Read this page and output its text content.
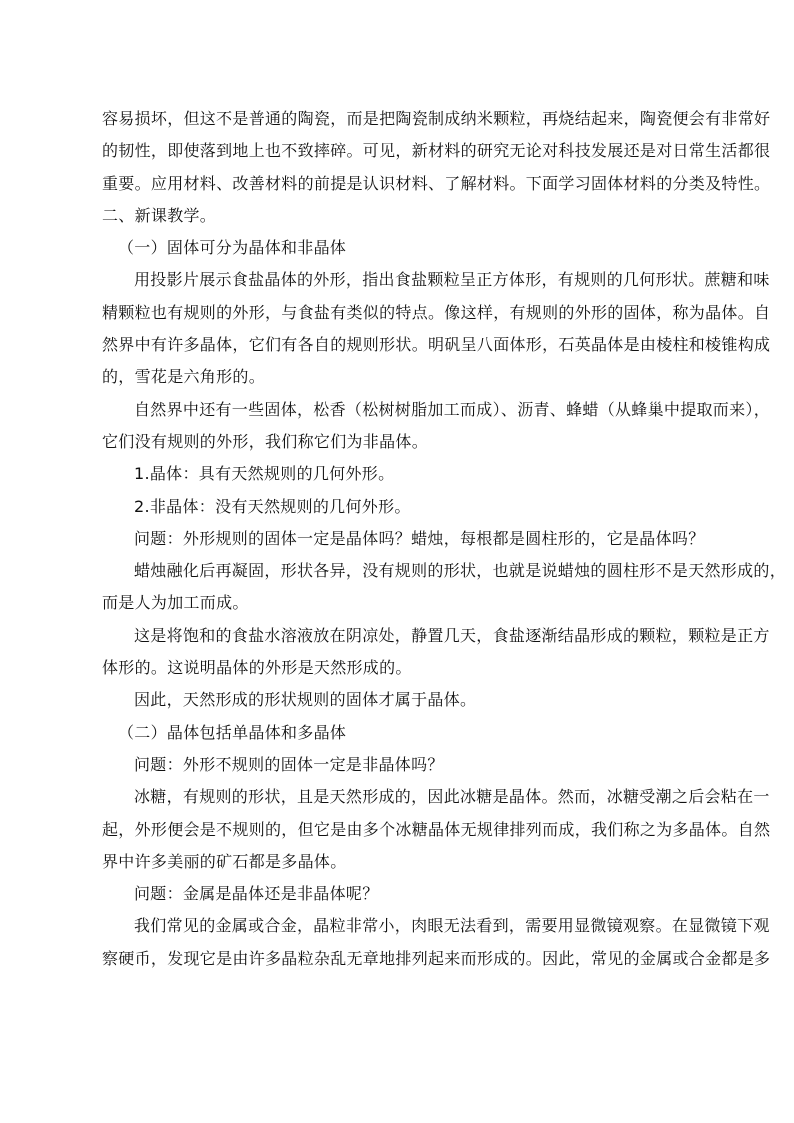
容易损坏，但这不是普通的陶瓷，而是把陶瓷制成纳米颗粒，再烧结起来，陶瓷便会有非常好
的韧性，即使落到地上也不致摔碎。可见，新材料的研究无论对科技发展还是对日常生活都很
重要。应用材料、改善材料的前提是认识材料、了解材料。下面学习固体材料的分类及特性。
二、新课教学。
（一）固体可分为晶体和非晶体
用投影片展示食盐晶体的外形，指出食盐颗粒呈正方体形，有规则的几何形状。蔗糖和味
精颗粒也有规则的外形，与食盐有类似的特点。像这样，有规则的外形的固体，称为晶体。自
然界中有许多晶体，它们有各自的规则形状。明矾呈八面体形，石英晶体是由棱柱和棱锥构成
的，雪花是六角形的。
自然界中还有一些固体，松香（松树树脂加工而成）、沥青、蜂蜡（从蜂巢中提取而来），
它们没有规则的外形，我们称它们为非晶体。
1.晶体：具有天然规则的几何外形。
2.非晶体：没有天然规则的几何外形。
问题：外形规则的固体一定是晶体吗？蜡烛，每根都是圆柱形的，它是晶体吗？
蜡烛融化后再凝固，形状各异，没有规则的形状，也就是说蜡烛的圆柱形不是天然形成的，
而是人为加工而成。
这是将饱和的食盐水溶液放在阴凉处，静置几天，食盐逐渐结晶形成的颗粒，颗粒是正方
体形的。这说明晶体的外形是天然形成的。
因此，天然形成的形状规则的固体才属于晶体。
（二）晶体包括单晶体和多晶体
问题：外形不规则的固体一定是非晶体吗？
冰糖，有规则的形状，且是天然形成的，因此冰糖是晶体。然而，冰糖受潮之后会粘在一
起，外形便会是不规则的，但它是由多个冰糖晶体无规律排列而成，我们称之为多晶体。自然
界中许多美丽的矿石都是多晶体。
问题：金属是晶体还是非晶体呢？
我们常见的金属或合金，晶粒非常小，肉眼无法看到，需要用显微镜观察。在显微镜下观
察硬币，发现它是由许多晶粒杂乱无章地排列起来而形成的。因此，常见的金属或合金都是多
